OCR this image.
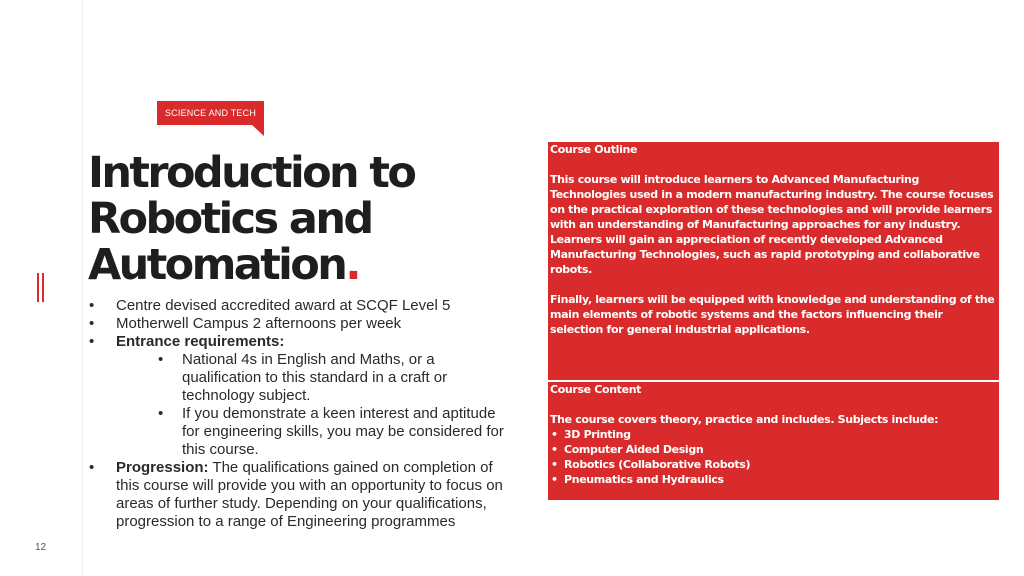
SCIENCE AND TECH
Introduction to
Robotics and
Automation.
• Centre devised accredited award at SCQF Level 5
• Motherwell Campus 2 afternoons per week
• Entrance requirements:
• National 4s in English and Maths, or a qualification to this standard in a craft or technology subject.
• If you demonstrate a keen interest and aptitude for engineering skills, you may be considered for this course.
• Progression: The qualifications gained on completion of this course will provide you with an opportunity to focus on areas of further study. Depending on your qualifications, progression to a range of Engineering programmes

Course Outline

This course will introduce learners to Advanced Manufacturing Technologies used in a modern manufacturing industry. The course focuses on the practical exploration of these technologies and will provide learners with an understanding of Manufacturing approaches for any industry.

Learners will gain an appreciation of recently developed Advanced Manufacturing Technologies, such as rapid prototyping and collaborative robots.

Finally, learners will be equipped with knowledge and understanding of the main elements of robotic systems and the factors influencing their selection for general industrial applications.

Course Content

The course covers theory, practice and includes. Subjects include:

• 3D Printing
• Computer Aided Design
• Robotics (Collaborative Robots)
• Pneumatics and Hydraulics
12
